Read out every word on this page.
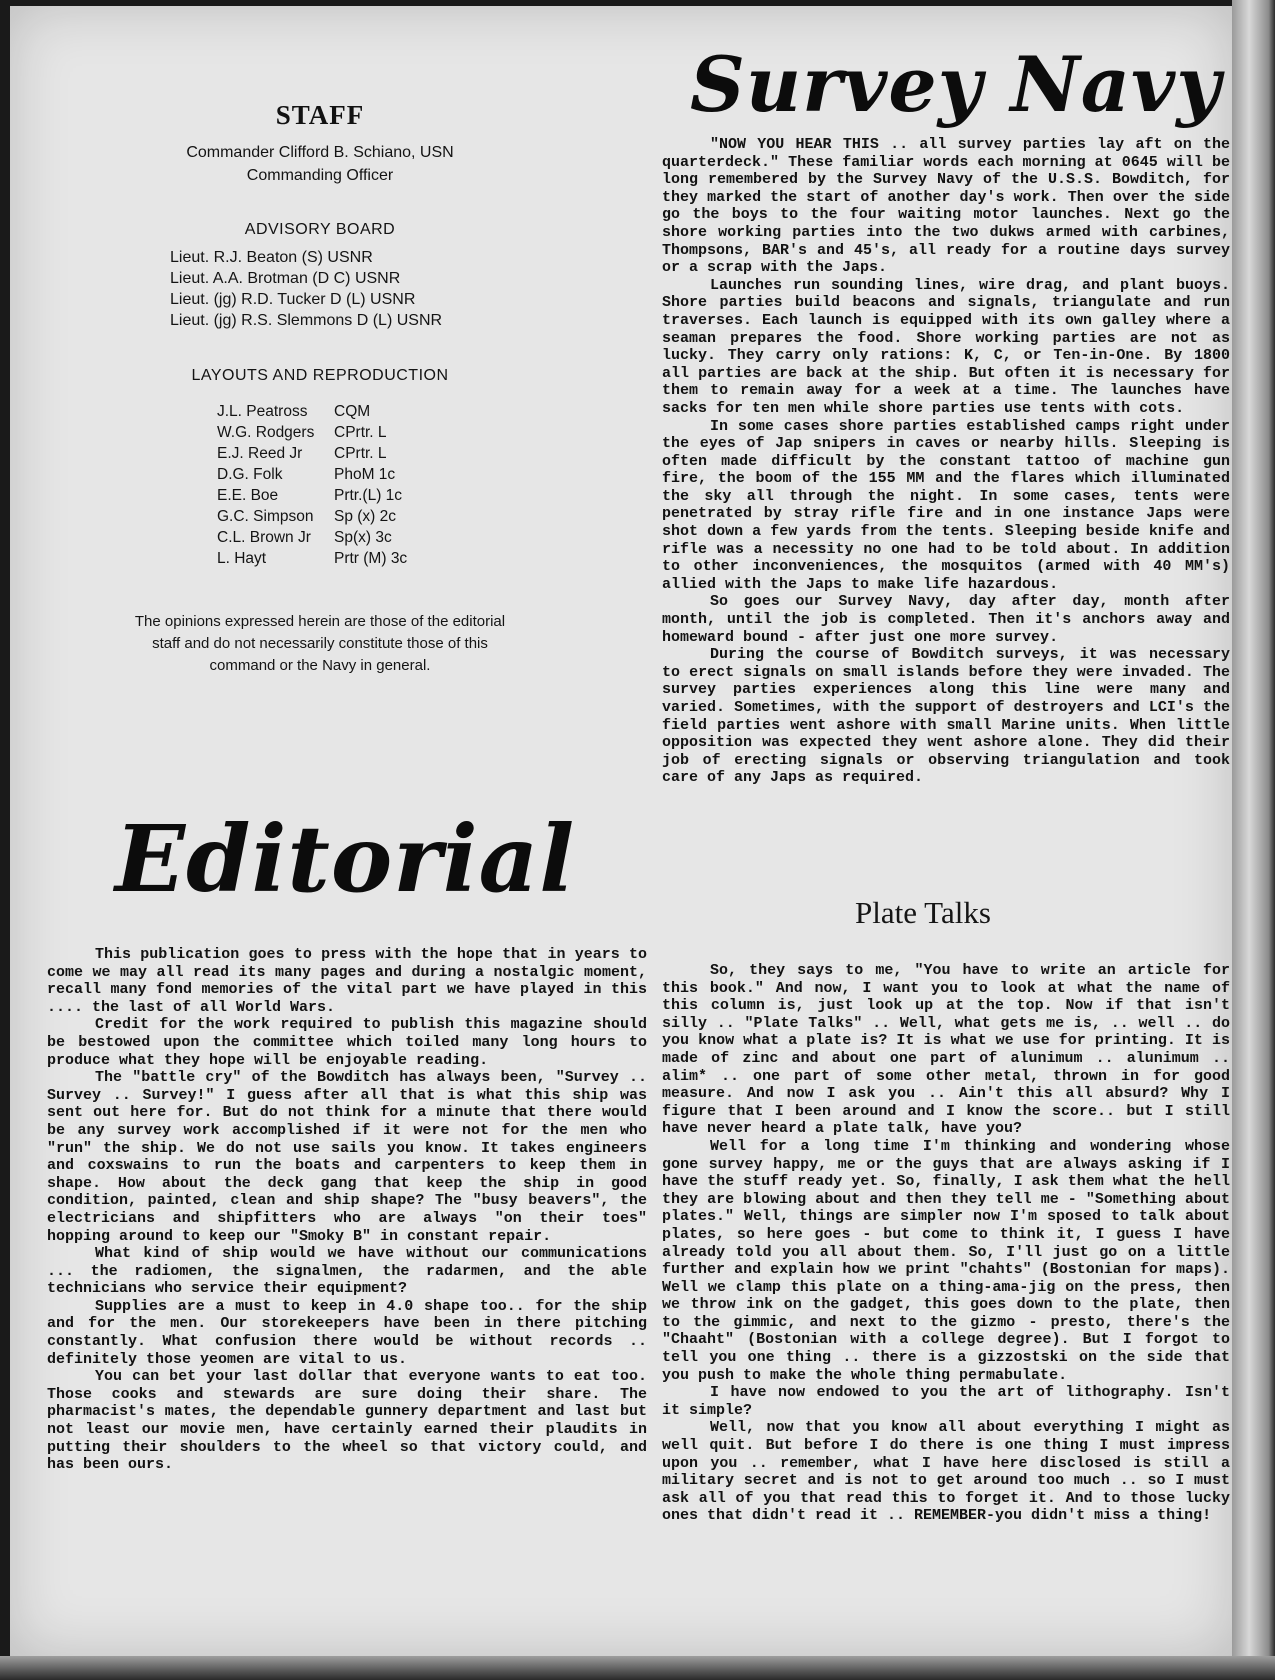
STAFF
Commander Clifford B. Schiano, USN
Commanding Officer
ADVISORY BOARD
Lieut. R.J. Beaton (S) USNR
Lieut. A.A. Brotman (D C) USNR
Lieut. (jg) R.D. Tucker D (L) USNR
Lieut. (jg) R.S. Slemmons D (L) USNR
LAYOUTS AND REPRODUCTION
J.L. Peatross	CQM
W.G. Rodgers	CPrtr. L
E.J. Reed Jr	CPrtr. L
D.G. Folk	PhoM 1c
E.E. Boe	Prtr.(L) 1c
G.C. Simpson	Sp (x) 2c
C.L. Brown Jr	Sp(x) 3c
L. Hayt	Prtr (M) 3c
The opinions expressed herein are those of the editorial staff and do not necessarily constitute those of this command or the Navy in general.
Survey Navy

"NOW YOU HEAR THIS .. all survey parties lay aft on the quarterdeck." These familiar words each morning at 0645 will be long remembered by the Survey Navy of the U.S.S. Bowditch, for they marked the start of another day's work. Then over the side go the boys to the four waiting motor launches. Next go the shore working parties into the two dukws armed with carbines, Thompsons, BAR's and 45's, all ready for a routine days survey or a scrap with the Japs.

Launches run sounding lines, wire drag, and plant buoys. Shore parties build beacons and signals, triangulate and run traverses. Each launch is equipped with its own galley where a seaman prepares the food. Shore working parties are not as lucky. They carry only rations: K, C, or Ten-in-One. By 1800 all parties are back at the ship. But often it is necessary for them to remain away for a week at a time. The launches have sacks for ten men while shore parties use tents with cots.

In some cases shore parties established camps right under the eyes of Jap snipers in caves or nearby hills. Sleeping is often made difficult by the constant tattoo of machine gun fire, the boom of the 155 MM and the flares which illuminated the sky all through the night. In some cases, tents were penetrated by stray rifle fire and in one instance Japs were shot down a few yards from the tents. Sleeping beside knife and rifle was a necessity no one had to be told about. In addition to other inconveniences, the mosquitos (armed with 40 MM's) allied with the Japs to make life hazardous.

So goes our Survey Navy, day after day, month after month, until the job is completed. Then it's anchors away and homeward bound - after just one more survey.

During the course of Bowditch surveys, it was necessary to erect signals on small islands before they were invaded. The survey parties experiences along this line were many and varied. Sometimes, with the support of destroyers and LCI's the field parties went ashore with small Marine units. When little opposition was expected they went ashore alone. They did their job of erecting signals or observing triangulation and took care of any Japs as required.

Editorial

This publication goes to press with the hope that in years to come we may all read its many pages and during a nostalgic moment, recall many fond memories of the vital part we have played in this .... the last of all World Wars.

Credit for the work required to publish this magazine should be bestowed upon the committee which toiled many long hours to produce what they hope will be enjoyable reading.

The "battle cry" of the Bowditch has always been, "Survey .. Survey .. Survey!" I guess after all that is what this ship was sent out here for. But do not think for a minute that there would be any survey work accomplished if it were not for the men who "run" the ship. We do not use sails you know. It takes engineers and coxswains to run the boats and carpenters to keep them in shape. How about the deck gang that keep the ship in good condition, painted, clean and ship shape? The "busy beavers", the electricians and shipfitters who are always "on their toes" hopping around to keep our "Smoky B" in constant repair.

What kind of ship would we have without our communications ... the radiomen, the signalmen, the radarmen, and the able technicians who service their equipment?

Supplies are a must to keep in 4.0 shape too.. for the ship and for the men. Our storekeepers have been in there pitching constantly. What confusion there would be without records .. definitely those yeomen are vital to us.

You can bet your last dollar that everyone wants to eat too. Those cooks and stewards are sure doing their share. The pharmacist's mates, the dependable gunnery department and last but not least our movie men, have certainly earned their plaudits in putting their shoulders to the wheel so that victory could, and has been ours.

Plate Talks

So, they says to me, "You have to write an article for this book." And now, I want you to look at what the name of this column is, just look up at the top. Now if that isn't silly .. "Plate Talks" .. Well, what gets me is, .. well .. do you know what a plate is? It is what we use for printing. It is made of zinc and about one part of alunimum .. alunimum .. alim* .. one part of some other metal, thrown in for good measure. And now I ask you .. Ain't this all absurd? Why I figure that I been around and I know the score.. but I still have never heard a plate talk, have you?

Well for a long time I'm thinking and wondering whose gone survey happy, me or the guys that are always asking if I have the stuff ready yet. So, finally, I ask them what the hell they are blowing about and then they tell me - "Something about plates." Well, things are simpler now I'm sposed to talk about plates, so here goes - but come to think it, I guess I have already told you all about them. So, I'll just go on a little further and explain how we print "chahts" (Bostonian for maps). Well we clamp this plate on a thing-ama-jig on the press, then we throw ink on the gadget, this goes down to the plate, then to the gimmic, and next to the gizmo - presto, there's the "Chaaht" (Bostonian with a college degree). But I forgot to tell you one thing .. there is a gizzostski on the side that you push to make the whole thing permabulate.

I have now endowed to you the art of lithography. Isn't it simple?

Well, now that you know all about everything I might as well quit. But before I do there is one thing I must impress upon you .. remember, what I have here disclosed is still a military secret and is not to get around too much .. so I must ask all of you that read this to forget it. And to those lucky ones that didn't read it .. REMEMBER-you didn't miss a thing!
